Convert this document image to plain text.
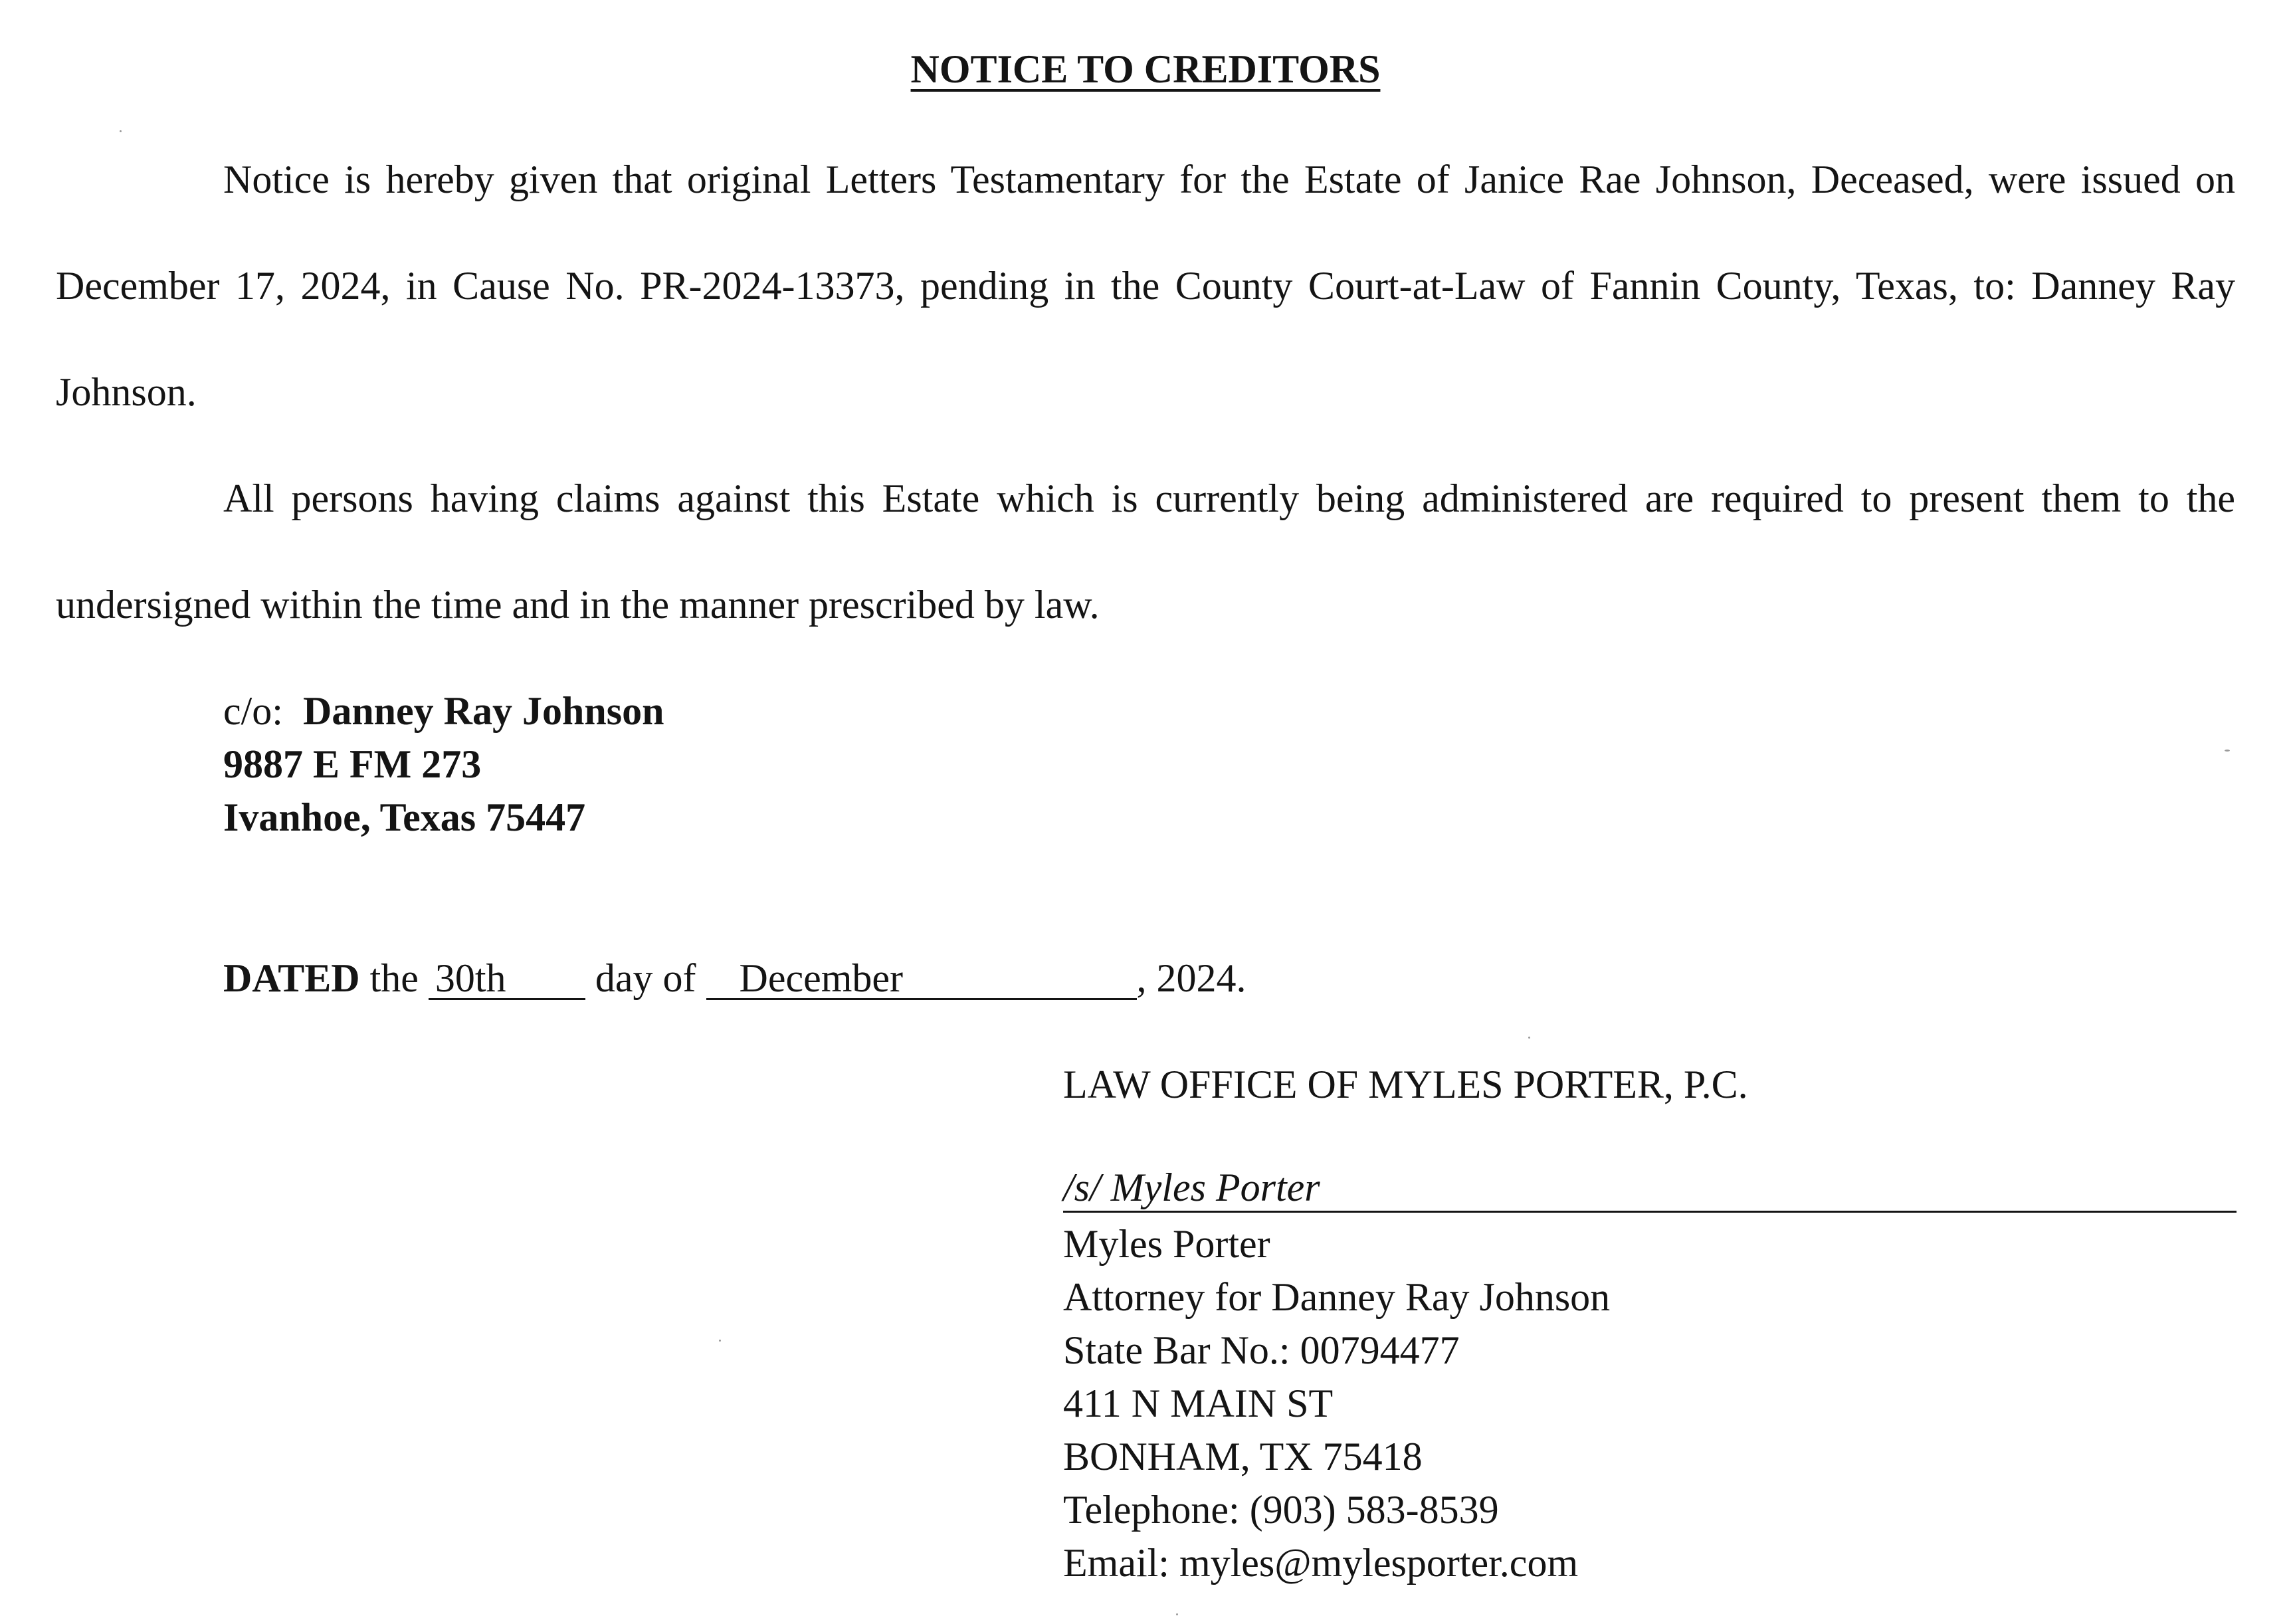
NOTICE TO CREDITORS

Notice is hereby given that original Letters Testamentary for the Estate of Janice Rae Johnson, Deceased, were issued on December 17, 2024, in Cause No. PR-2024-13373, pending in the County Court-at-Law of Fannin County, Texas, to: Danney Ray Johnson.

All persons having claims against this Estate which is currently being administered are required to present them to the undersigned within the time and in the manner prescribed by law.

c/o: Danney Ray Johnson
9887 E FM 273
Ivanhoe, Texas 75447
DATED the 30th day of December	, 2024.
LAW OFFICE OF MYLES PORTER, P.C.
/s/ Myles Porter
Myles Porter
Attorney for Danney Ray Johnson
State Bar No.: 00794477
411 N MAIN ST
BONHAM, TX 75418
Telephone: (903) 583-8539
Email: myles@mylesporter.com
